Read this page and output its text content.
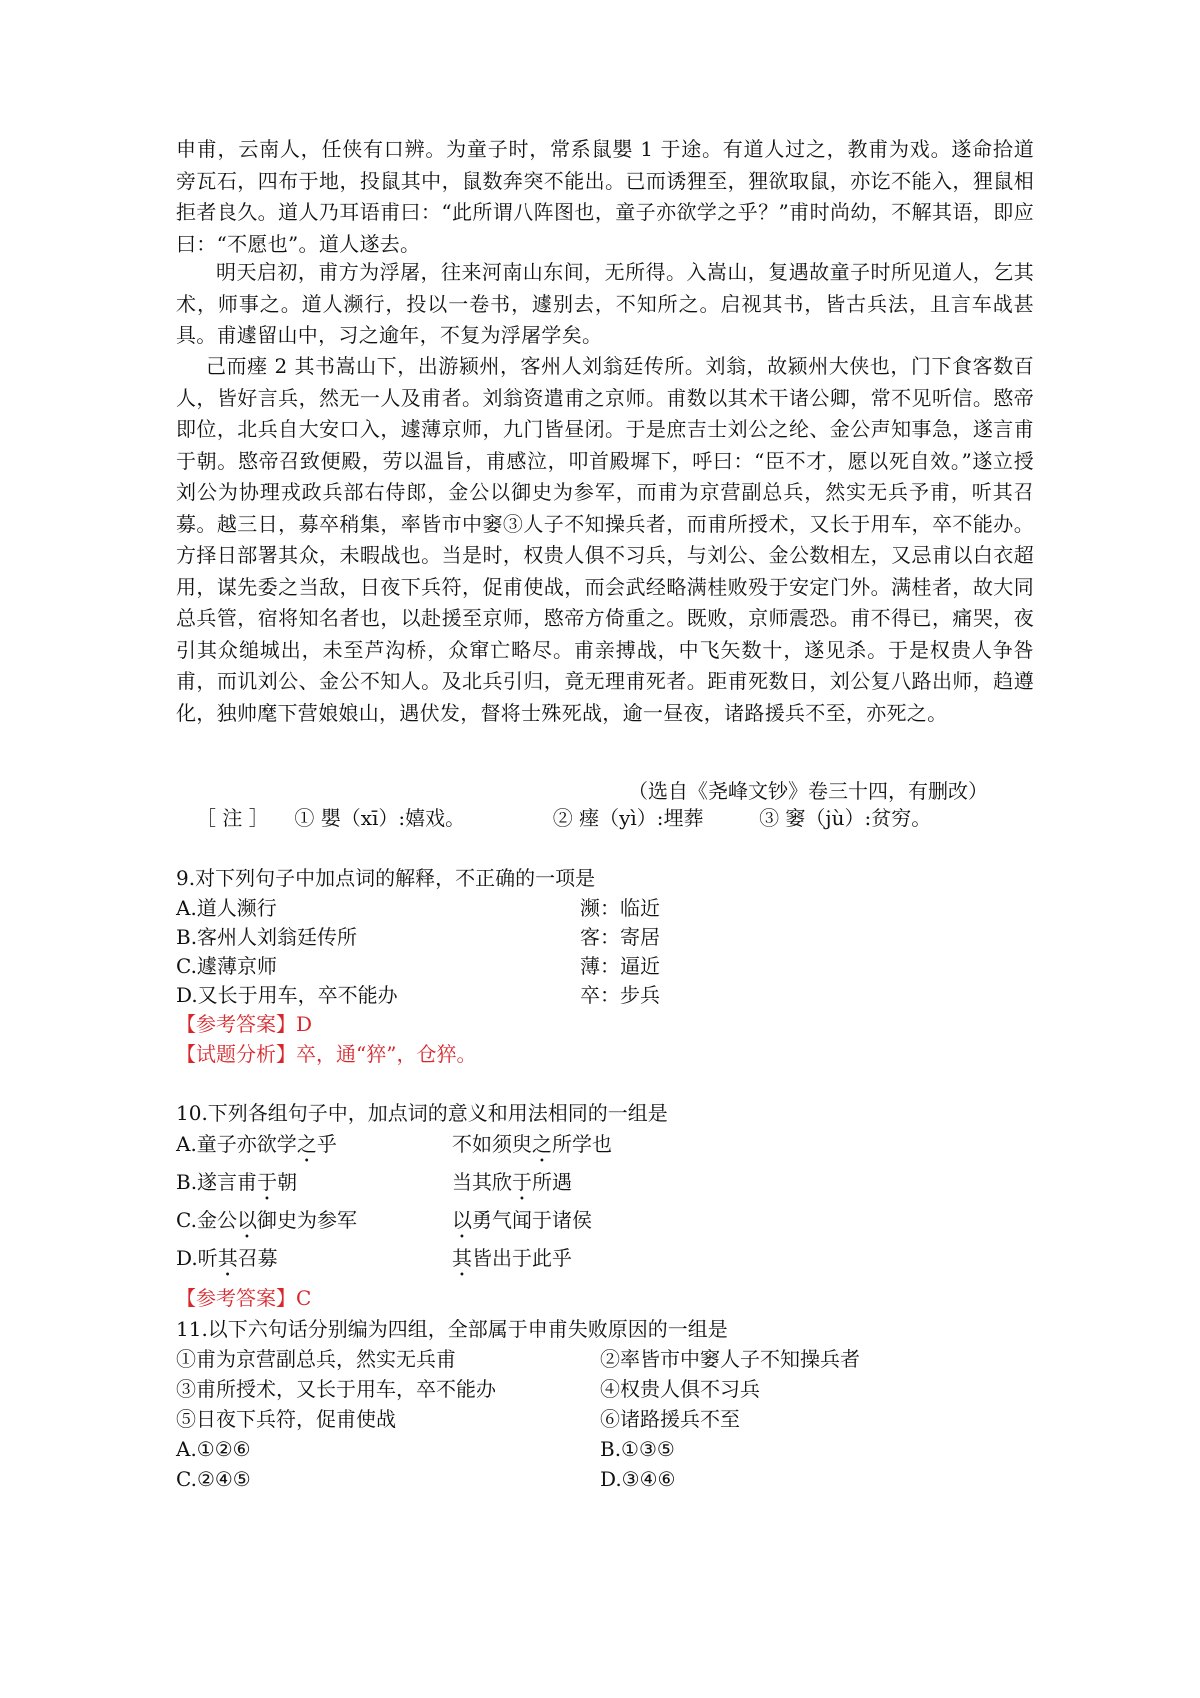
申甫，云南人，任侠有口辨。为童子时，常系鼠嬰 1 于途。有道人过之，教甫为戏。遂命拾道旁瓦石，四布于地，投鼠其中，鼠数奔突不能出。已而诱狸至，狸欲取鼠，亦讫不能入，狸鼠相拒者良久。道人乃耳语甫曰：“此所谓八阵图也，童子亦欲学之乎？”甫时尚幼，不解其语，即应曰：“不愿也”。道人遂去。

明天启初，甫方为浮屠，往来河南山东间，无所得。入嵩山，复遇故童子时所见道人，乞其术，师事之。道人濒行，投以一卷书，遽别去，不知所之。启视其书，皆古兵法，且言车战甚具。甫遽留山中，习之逾年，不复为浮屠学矣。

己而瘗 2 其书嵩山下，出游颍州，客州人刘翁廷传所。刘翁，故颍州大侠也，门下食客数百人，皆好言兵，然无一人及甫者。刘翁资遣甫之京师。甫数以其术干诸公卿，常不见听信。愍帝即位，北兵自大安口入，遽薄京师，九门皆昼闭。于是庶吉士刘公之纶、金公声知事急，遂言甫于朝。愍帝召致便殿，劳以温旨，甫感泣，叩首殿墀下，呼曰：“臣不才，愿以死自效。”遂立授刘公为协理戎政兵部右侍郎，金公以御史为参军，而甫为京营副总兵，然实无兵予甫，听其召募。越三日，募卒稍集，率皆市中窭③人子不知操兵者，而甫所授术，又长于用车，卒不能办。方择日部署其众，未暇战也。当是时，权贵人俱不习兵，与刘公、金公数相左，又忌甫以白衣超用，谋先委之当敌，日夜下兵符，促甫使战，而会武经略满桂败殁于安定门外。满桂者，故大同总兵管，宿将知名者也，以赴援至京师，愍帝方倚重之。既败，京师震恐。甫不得已，痛哭，夜引其众缒城出，未至芦沟桥，众窜亡略尽。甫亲搏战，中飞矢数十，遂见杀。于是权贵人争咎甫，而讥刘公、金公不知人。及北兵引归，竟无理甫死者。距甫死数日，刘公复八路出师，趋遵化，独帅麾下营娘娘山，遇伏发，督将士殊死战，逾一昼夜，诸路援兵不至，亦死之。

（选自《尧峰文钞》卷三十四，有删改）
［ 注 ］ ① 嬰（xī）:嬉戏。	② 瘗（yì）:埋葬	③ 窭（jù）:贫穷。
9.对下列句子中加点词的解释，不正确的一项是
A.道人濒行	濒：临近
B.客州人刘翁廷传所	客：寄居
C.遽薄京师	薄：逼近
D.又长于用车，卒不能办	卒：步兵
【参考答案】D
【试题分析】卒，通“猝”，仓猝。
10.下列各组句子中，加点词的意义和用法相同的一组是
A.童子亦欲学之乎	不如须臾之所学也
B.遂言甫于朝	当其欣于所遇
C.金公以御史为参军	以勇气闻于诸侯
D.听其召募	其皆出于此乎
【参考答案】C
11.以下六句话分别编为四组，全部属于申甫失败原因的一组是
①甫为京营副总兵，然实无兵甫	②率皆市中窭人子不知操兵者
③甫所授术，又长于用车，卒不能办	④权贵人俱不习兵
⑤日夜下兵符，促甫使战	⑥诸路援兵不至
A.①②⑥	B.①③⑤
C.②④⑤	D.③④⑥
